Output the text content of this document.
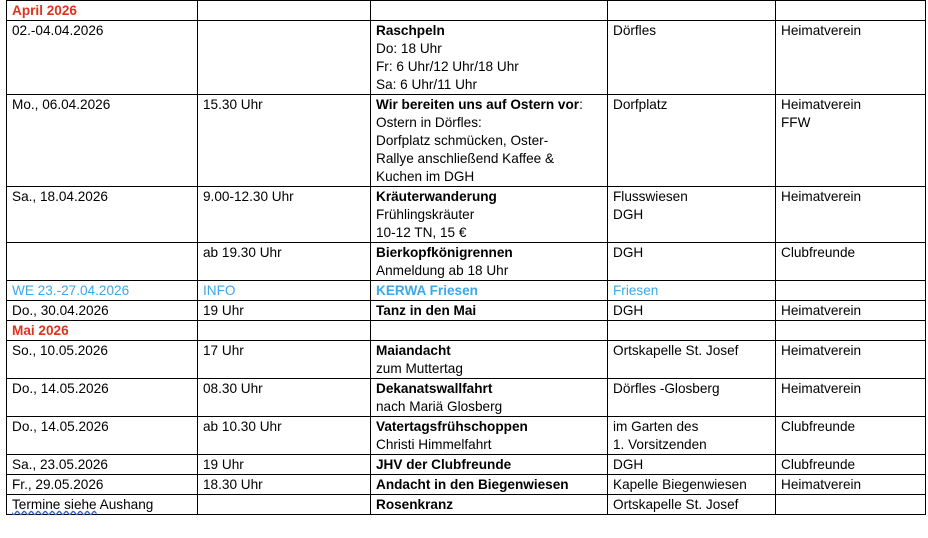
April 2026				
02.-04.04.2026		Raschpeln
Do: 18 Uhr
Fr: 6 Uhr/12 Uhr/18 Uhr
Sa: 6 Uhr/11 Uhr	Dörfles	Heimatverein

Mo., 06.04.2026	15.30 Uhr	Wir bereiten uns auf Ostern vor:
Ostern in Dörfles:
Dorfplatz schmücken, Oster-
Rallye anschließend Kaffee &
Kuchen im DGH	Dorfplatz	Heimatverein
FFW

Sa., 18.04.2026	9.00-12.30 Uhr	Kräuterwanderung
Frühlingskräuter
10-12 TN, 15 €	Flusswiesen
DGH	Heimatverein

	ab 19.30 Uhr	Bierkopfkönigrennen
Anmeldung ab 18 Uhr	DGH	Clubfreunde

WE 23.-27.04.2026	INFO	KERWA Friesen	Friesen	

Do., 30.04.2026	19 Uhr	Tanz in den Mai	DGH	Heimatverein

Mai 2026				
So., 10.05.2026	17 Uhr	Maiandacht
zum Muttertag	Ortskapelle St. Josef	Heimatverein

Do., 14.05.2026	08.30 Uhr	Dekanatswallfahrt
nach Mariä Glosberg	Dörfles -Glosberg	Heimatverein

Do., 14.05.2026	ab 10.30 Uhr	Vatertagsfrühschoppen
Christi Himmelfahrt	im Garten des
1. Vorsitzenden	Clubfreunde

Sa., 23.05.2026	19 Uhr	JHV der Clubfreunde	DGH	Clubfreunde

Fr., 29.05.2026	18.30 Uhr	Andacht in den Biegenwiesen	Kapelle Biegenwiesen	Heimatverein

Termine siehe Aushang		Rosenkranz	Ortskapelle St. Josef	
